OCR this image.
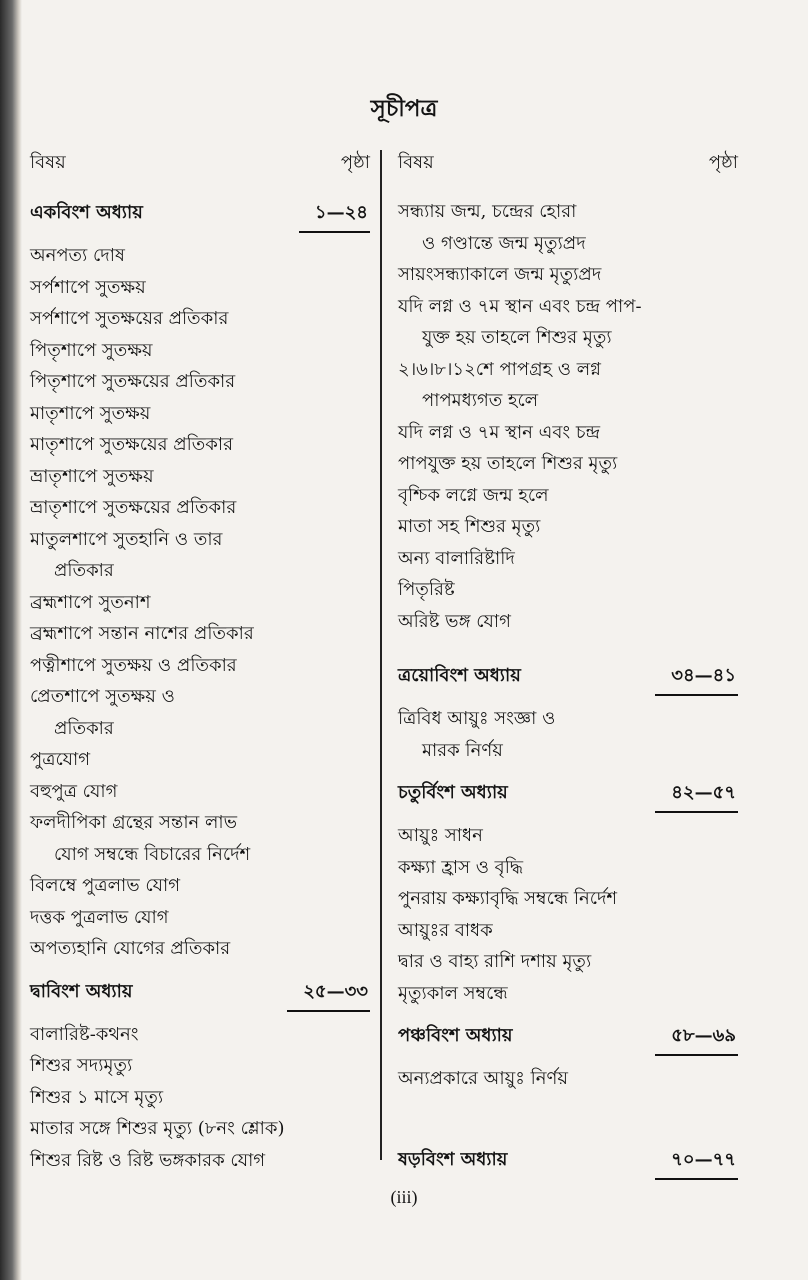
সূচীপত্র
বিষয়	পৃষ্ঠা
একবিংশ অধ্যায়	১—২৪
অনপত্য দোষ
সর্পশাপে সুতক্ষয়
সর্পশাপে সুতক্ষয়ের প্রতিকার
পিতৃশাপে সুতক্ষয়
পিতৃশাপে সুতক্ষয়ের প্রতিকার
মাতৃশাপে সুতক্ষয়
মাতৃশাপে সুতক্ষয়ের প্রতিকার
ভ্রাতৃশাপে সুতক্ষয়
ভ্রাতৃশাপে সুতক্ষয়ের প্রতিকার
মাতুলশাপে সুতহানি ও তার
প্রতিকার
ব্রহ্মশাপে সুতনাশ
ব্রহ্মশাপে সন্তান নাশের প্রতিকার
পত্নীশাপে সুতক্ষয় ও প্রতিকার
প্রেতশাপে সুতক্ষয় ও
প্রতিকার
পুত্রযোগ
বহুপুত্র যোগ
ফলদীপিকা গ্রন্থের সন্তান লাভ
যোগ সম্বন্ধে বিচারের নির্দেশ
বিলম্বে পুত্রলাভ যোগ
দত্তক পুত্রলাভ যোগ
অপত্যহানি যোগের প্রতিকার
দ্বাবিংশ অধ্যায়	২৫—৩৩
বালারিষ্ট-কথনং
শিশুর সদ্যমৃত্যু
শিশুর ১ মাসে মৃত্যু
মাতার সঙ্গে শিশুর মৃত্যু (৮নং শ্লোক)
শিশুর রিষ্ট ও রিষ্ট ভঙ্গকারক যোগ
বিষয়	পৃষ্ঠা
সন্ধ্যায় জন্ম, চন্দ্রের হোরা
ও গণ্ডান্তে জন্ম মৃত্যুপ্রদ
সায়ংসন্ধ্যাকালে জন্ম মৃত্যুপ্রদ
যদি লগ্ন ও ৭ম স্থান এবং চন্দ্র পাপ-
যুক্ত হয় তাহলে শিশুর মৃত্যু
২।৬।৮।১২শে পাপগ্রহ ও লগ্ন
পাপমধ্যগত হলে
যদি লগ্ন ও ৭ম স্থান এবং চন্দ্র
পাপযুক্ত হয় তাহলে শিশুর মৃত্যু
বৃশ্চিক লগ্নে জন্ম হলে
মাতা সহ শিশুর মৃত্যু
অন্য বালারিষ্টাদি
পিতৃরিষ্ট
অরিষ্ট ভঙ্গ যোগ
ত্রয়োবিংশ অধ্যায়	৩৪—৪১
ত্রিবিধ আয়ুঃ সংজ্ঞা ও
মারক নির্ণয়
চতুর্বিংশ অধ্যায়	৪২—৫৭
আয়ুঃ সাধন
কক্ষ্যা হ্রাস ও বৃদ্ধি
পুনরায় কক্ষ্যাবৃদ্ধি সম্বন্ধে নির্দেশ
আয়ুঃর বাধক
দ্বার ও বাহ্য রাশি দশায় মৃত্যু
মৃত্যুকাল সম্বন্ধে
পঞ্চবিংশ অধ্যায়	৫৮—৬৯
অন্যপ্রকারে আয়ুঃ নির্ণয়
ষড়বিংশ অধ্যায়	৭০—৭৭
(iii)
